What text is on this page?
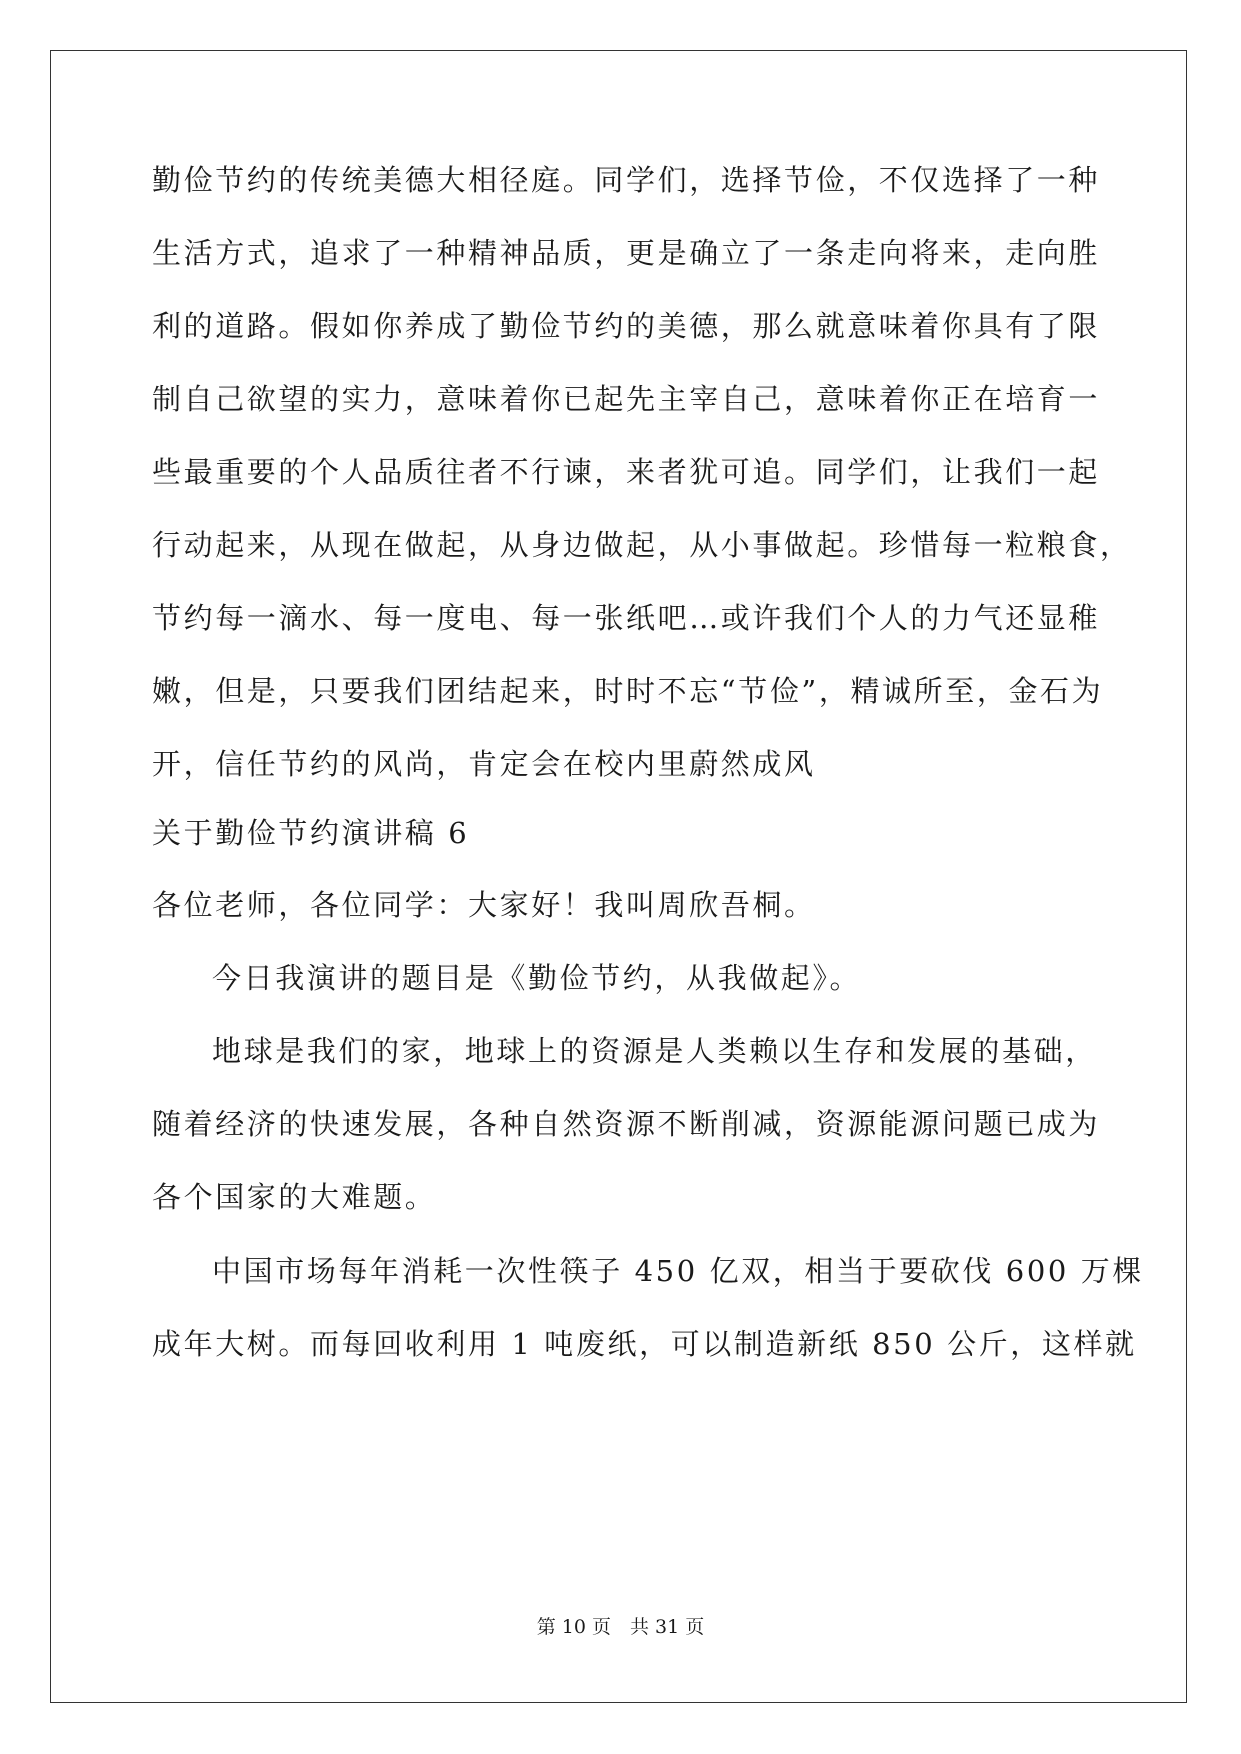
勤俭节约的传统美德大相径庭。同学们，选择节俭，不仅选择了一种
生活方式，追求了一种精神品质，更是确立了一条走向将来，走向胜
利的道路。假如你养成了勤俭节约的美德，那么就意味着你具有了限
制自己欲望的实力，意味着你已起先主宰自己，意味着你正在培育一
些最重要的个人品质往者不行谏，来者犹可追。同学们，让我们一起
行动起来，从现在做起，从身边做起，从小事做起。珍惜每一粒粮食，
节约每一滴水、每一度电、每一张纸吧…或许我们个人的力气还显稚
嫩，但是，只要我们团结起来，时时不忘“节俭”，精诚所至，金石为
开，信任节约的风尚，肯定会在校内里蔚然成风
关于勤俭节约演讲稿 6
各位老师，各位同学：大家好！我叫周欣吾桐。
今日我演讲的题目是《勤俭节约，从我做起》。
地球是我们的家，地球上的资源是人类赖以生存和发展的基础，
随着经济的快速发展，各种自然资源不断削减，资源能源问题已成为
各个国家的大难题。
中国市场每年消耗一次性筷子 450 亿双，相当于要砍伐 600 万棵
成年大树。而每回收利用 1 吨废纸，可以制造新纸 850 公斤，这样就
第 10 页　共 31 页
